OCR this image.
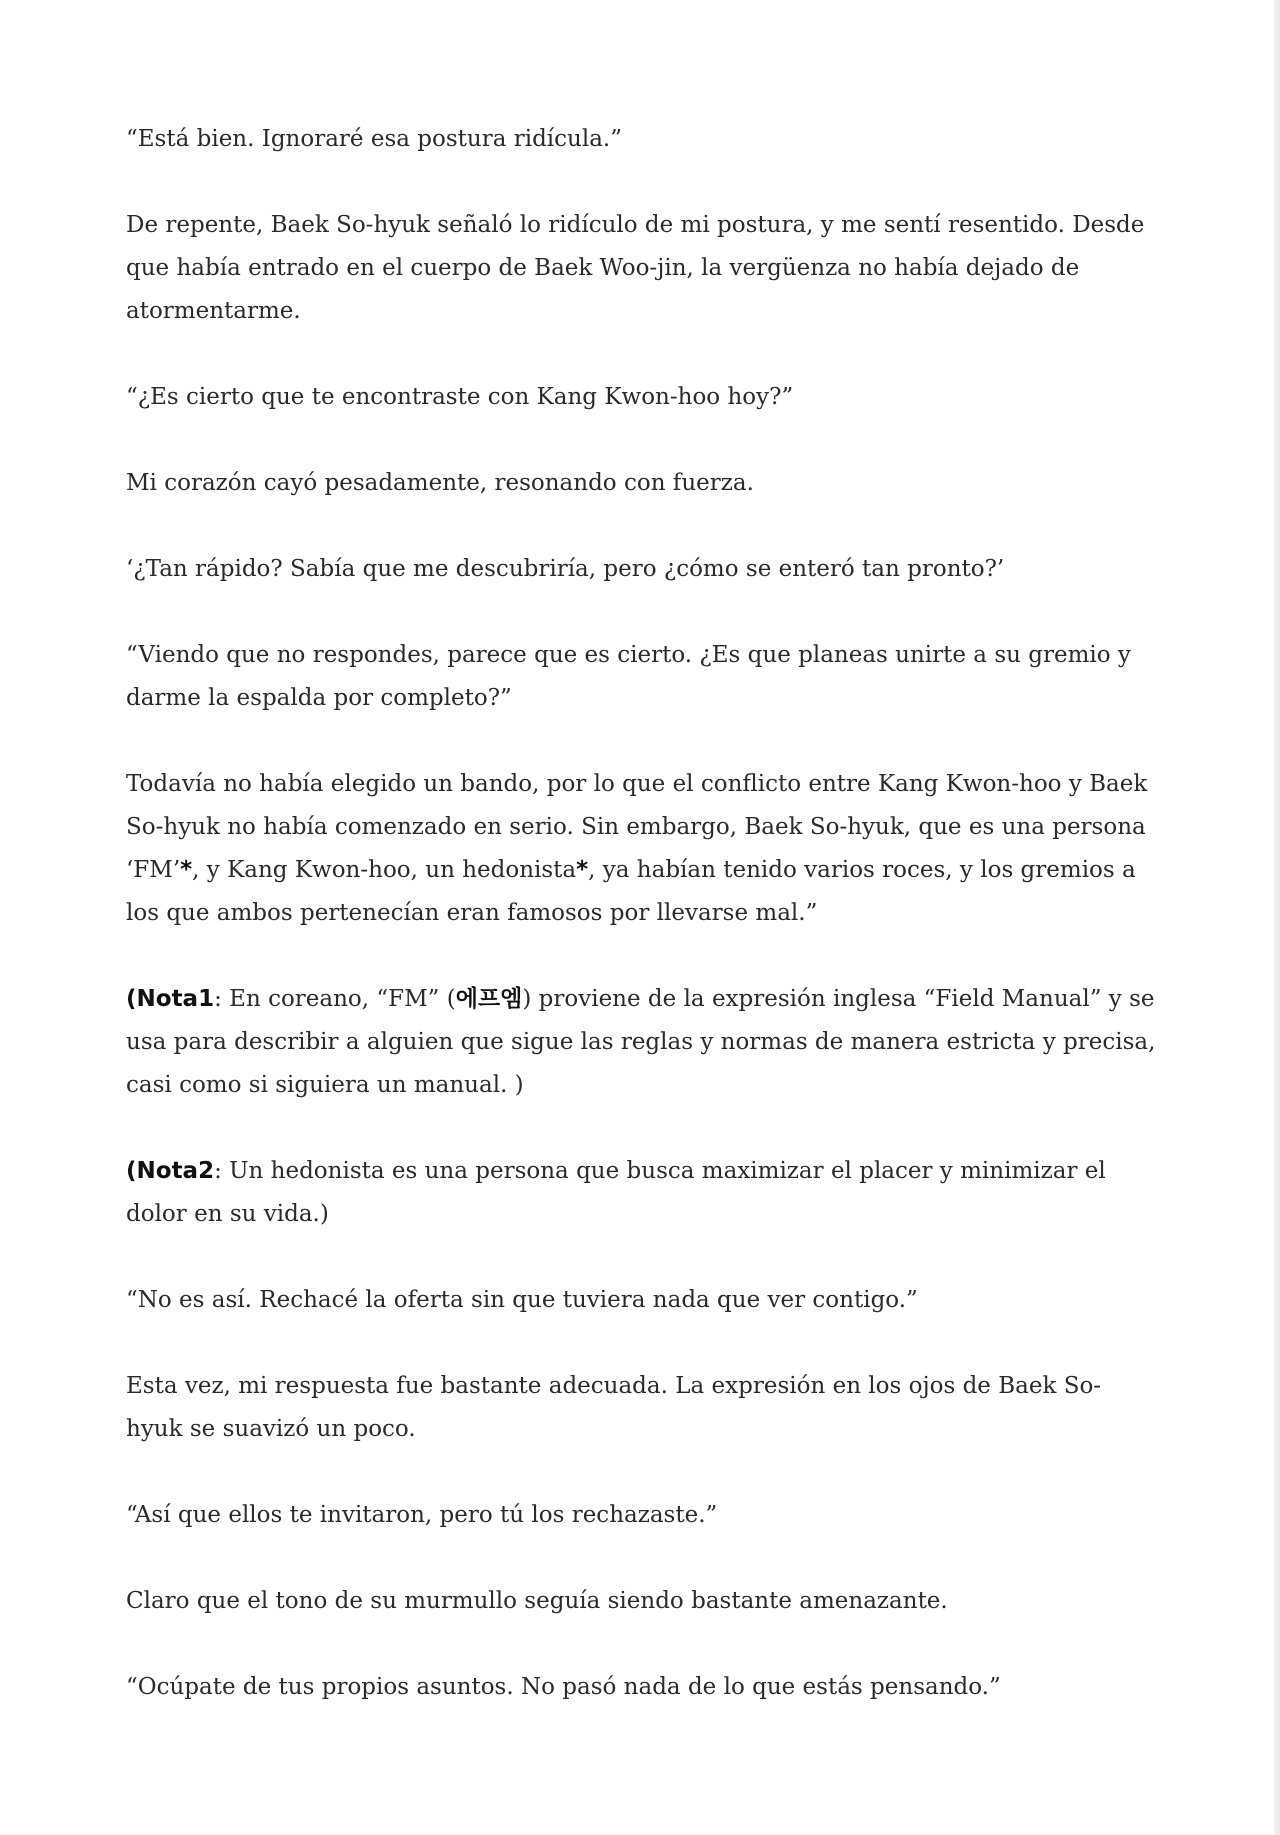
“Está bien. Ignoraré esa postura ridícula.”

De repente, Baek So-hyuk señaló lo ridículo de mi postura, y me sentí resentido. Desde que había entrado en el cuerpo de Baek Woo-jin, la vergüenza no había dejado de atormentarme.

“¿Es cierto que te encontraste con Kang Kwon-hoo hoy?”

Mi corazón cayó pesadamente, resonando con fuerza.

‘¿Tan rápido? Sabía que me descubriría, pero ¿cómo se enteró tan pronto?’

“Viendo que no respondes, parece que es cierto. ¿Es que planeas unirte a su gremio y darme la espalda por completo?”

Todavía no había elegido un bando, por lo que el conflicto entre Kang Kwon-hoo y Baek So-hyuk no había comenzado en serio. Sin embargo, Baek So-hyuk, que es una persona ‘FM’*, y Kang Kwon-hoo, un hedonista*, ya habían tenido varios roces, y los gremios a los que ambos pertenecían eran famosos por llevarse mal.”

(Nota1: En coreano, “FM” (에프엠) proviene de la expresión inglesa “Field Manual” y se usa para describir a alguien que sigue las reglas y normas de manera estricta y precisa, casi como si siguiera un manual. )

(Nota2: Un hedonista es una persona que busca maximizar el placer y minimizar el dolor en su vida.)

“No es así. Rechacé la oferta sin que tuviera nada que ver contigo.”

Esta vez, mi respuesta fue bastante adecuada. La expresión en los ojos de Baek So-hyuk se suavizó un poco.

“Así que ellos te invitaron, pero tú los rechazaste.”

Claro que el tono de su murmullo seguía siendo bastante amenazante.

“Ocúpate de tus propios asuntos. No pasó nada de lo que estás pensando.”
